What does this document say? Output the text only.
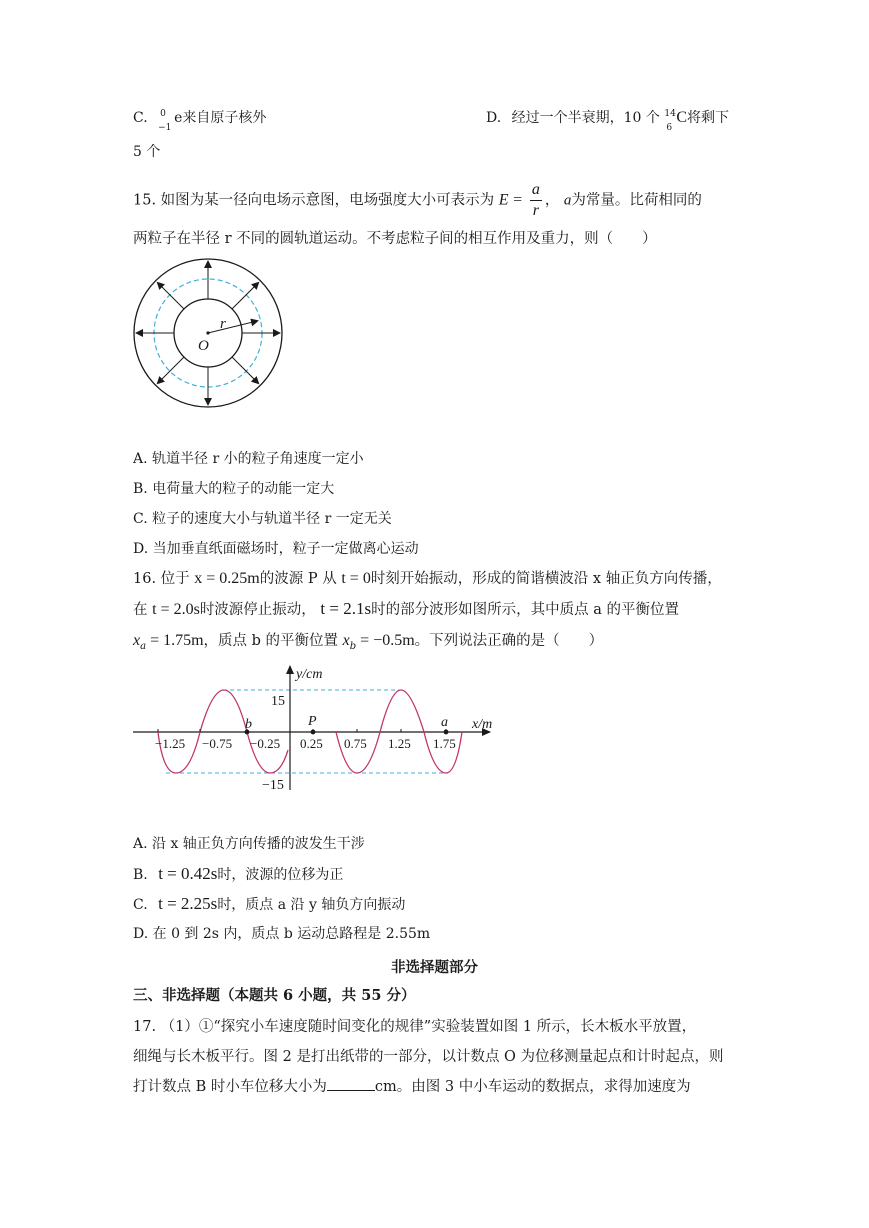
C. 0
−1
e来自原子核外	D. 经过一个半衰期，10 个 14
6
C将剩下
5 个
15. 如图为某一径向电场示意图，电场强度大小可表示为 $E = \frac{a}{r}$ ， a为常量。比荷相同的
两粒子在半径 r 不同的圆轨道运动。不考虑粒子间的相互作用及重力，则（　　）
r
O
A. 轨道半径 r 小的粒子角速度一定小
B. 电荷量大的粒子的动能一定大
C. 粒子的速度大小与轨道半径 r 一定无关
D. 当加垂直纸面磁场时，粒子一定做离心运动
16. 位于 x = 0.25m的波源 P 从 t = 0时刻开始振动，形成的简谐横波沿 x 轴正负方向传播，
在 t = 2.0s时波源停止振动， t = 2.1s时的部分波形如图所示，其中质点 a 的平衡位置
$x_a = 1.75m$，质点 b 的平衡位置 $x_b = -0.5m$。下列说法正确的是（　　）
y/cm
x/m
15
−15
b	P	a
−1.25 −0.75 −0.25 0.25 0.75 1.25 1.75
A. 沿 x 轴正负方向传播的波发生干涉
B. t = 0.42s时，波源的位移为正
C. t = 2.25s时，质点 a 沿 y 轴负方向振动
D. 在 0 到 2s 内，质点 b 运动总路程是 2.55m
非选择题部分
三、非选择题（本题共 6 小题，共 55 分）
17. （1）①“探究小车速度随时间变化的规律”实验装置如图 1 所示，长木板水平放置，
细绳与长木板平行。图 2 是打出纸带的一部分，以计数点 O 为位移测量起点和计时起点，则
打计数点 B 时小车位移大小为	cm。由图 3 中小车运动的数据点，求得加速度为
